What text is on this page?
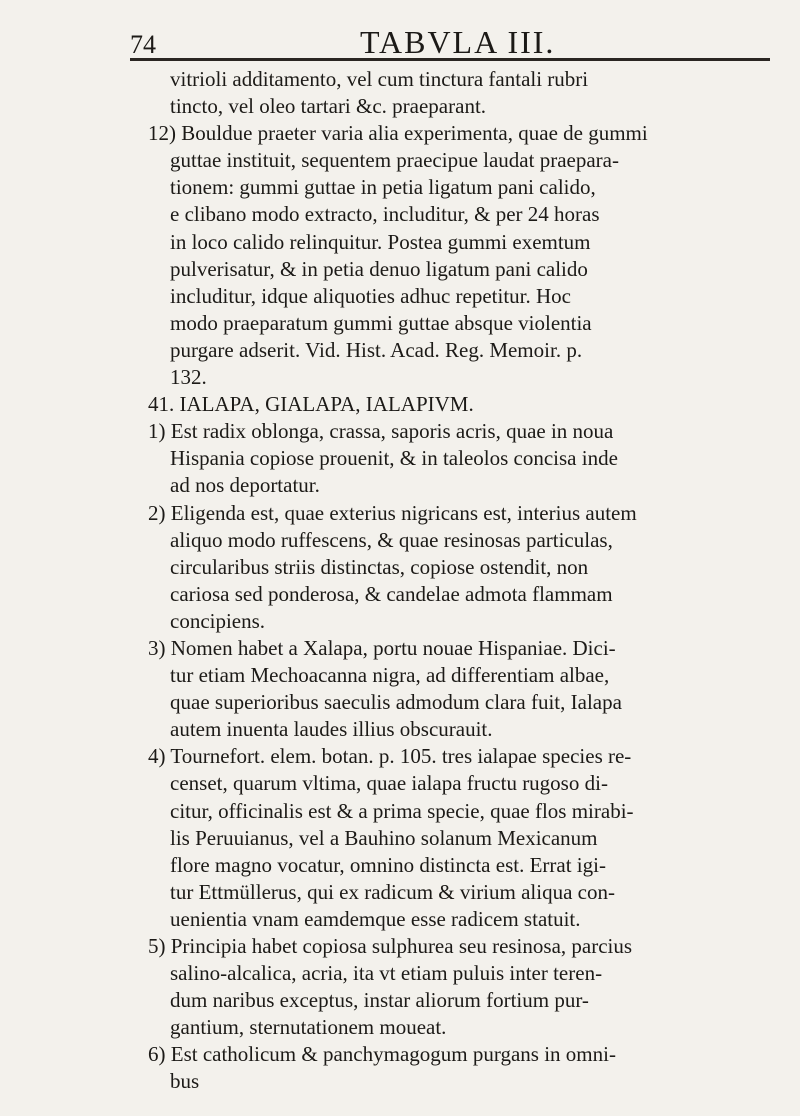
74	TABVLA III.
vitrioli additamento, vel cum tinctura fantali rubri
tincto, vel oleo tartari &c. praeparant.
12) Bouldue praeter varia alia experimenta, quae de gummi
guttae instituit, sequentem praecipue laudat praepara-
tionem: gummi guttae in petia ligatum pani calido,
e clibano modo extracto, includitur, & per 24 horas
in loco calido relinquitur. Postea gummi exemtum
pulverisatur, & in petia denuo ligatum pani calido
includitur, idque aliquoties adhuc repetitur. Hoc
modo praeparatum gummi guttae absque violentia
purgare adserit. Vid. Hist. Acad. Reg. Memoir. p.
132.
41. IALAPA, GIALAPA, IALAPIVM.
1) Est radix oblonga, crassa, saporis acris, quae in noua
Hispania copiose prouenit, & in taleolos concisa inde
ad nos deportatur.
2) Eligenda est, quae exterius nigricans est, interius autem
aliquo modo ruffescens, & quae resinosas particulas,
circularibus striis distinctas, copiose ostendit, non
cariosa sed ponderosa, & candelae admota flammam
concipiens.
3) Nomen habet a Xalapa, portu nouae Hispaniae. Dici-
tur etiam Mechoacanna nigra, ad differentiam albae,
quae superioribus saeculis admodum clara fuit, Ialapa
autem inuenta laudes illius obscurauit.
4) Tournefort. elem. botan. p. 105. tres ialapae species re-
censet, quarum vltima, quae ialapa fructu rugoso di-
citur, officinalis est & a prima specie, quae flos mirabi-
lis Peruuianus, vel a Bauhino solanum Mexicanum
flore magno vocatur, omnino distincta est. Errat igi-
tur Ettmüllerus, qui ex radicum & virium aliqua con-
uenientia vnam eamdemque esse radicem statuit.
5) Principia habet copiosa sulphurea seu resinosa, parcius
salino-alcalica, acria, ita vt etiam puluis inter teren-
dum naribus exceptus, instar aliorum fortium pur-
gantium, sternutationem moueat.
6) Est catholicum & panchymagogum purgans in omni-
bus
